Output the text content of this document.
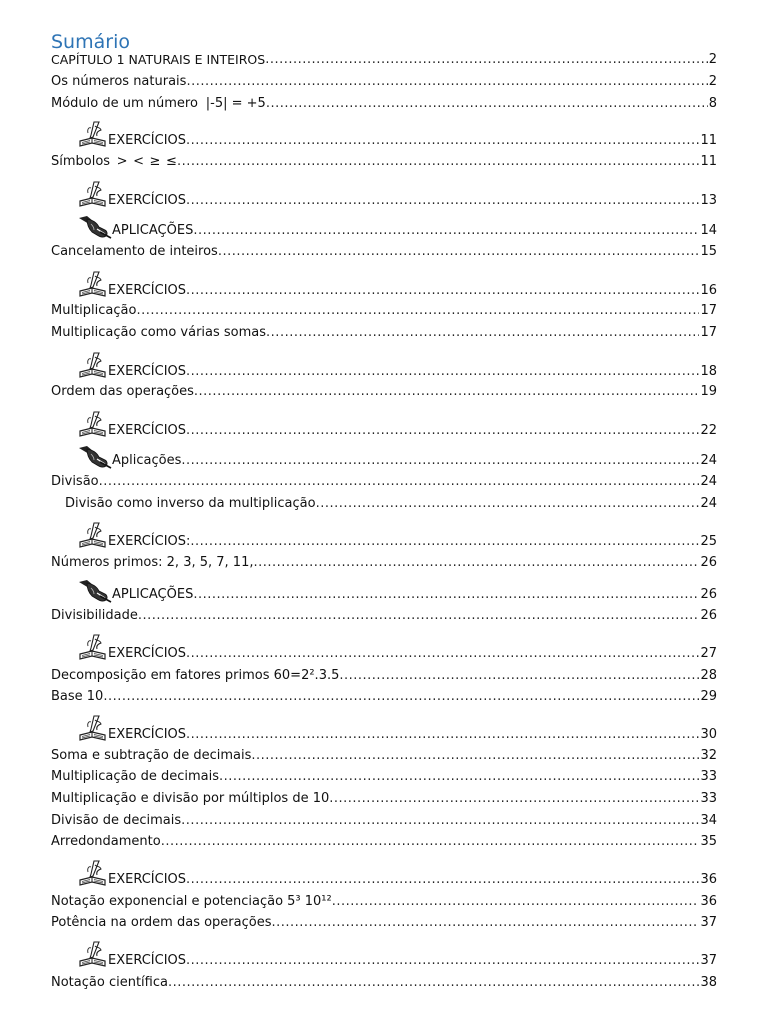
Sumário
CAPÍTULO 1 NATURAIS E INTEIROS .....	2
Os números naturais .....	2
Módulo de um número |-5| = +5 .....	8
EXERCÍCIOS .....	11
Símbolos > < ≥ ≤ .....	11
EXERCÍCIOS .....	13
APLICAÇÕES .....	14
Cancelamento de inteiros .....	15
EXERCÍCIOS .....	16
Multiplicação .....	17
Multiplicação como várias somas .....	17
EXERCÍCIOS .....	18
Ordem das operações .....	19
EXERCÍCIOS .....	22
Aplicações .....	24
Divisão .....	24
Divisão como inverso da multiplicação .....	24
EXERCÍCIOS: .....	25
Números primos: 2, 3, 5, 7, 11, .....	26
APLICAÇÕES .....	26
Divisibilidade .....	26
EXERCÍCIOS .....	27
Decomposição em fatores primos 60=2².3.5 .....	28
Base 10 .....	29
EXERCÍCIOS .....	30
Soma e subtração de decimais .....	32
Multiplicação de decimais .....	33
Multiplicação e divisão por múltiplos de 10 .....	33
Divisão de decimais .....	34
Arredondamento .....	35
EXERCÍCIOS .....	36
Notação exponencial e potenciação 5³ 10¹² .....	36
Potência na ordem das operações .....	37
EXERCÍCIOS .....	37
Notação científica .....	38
